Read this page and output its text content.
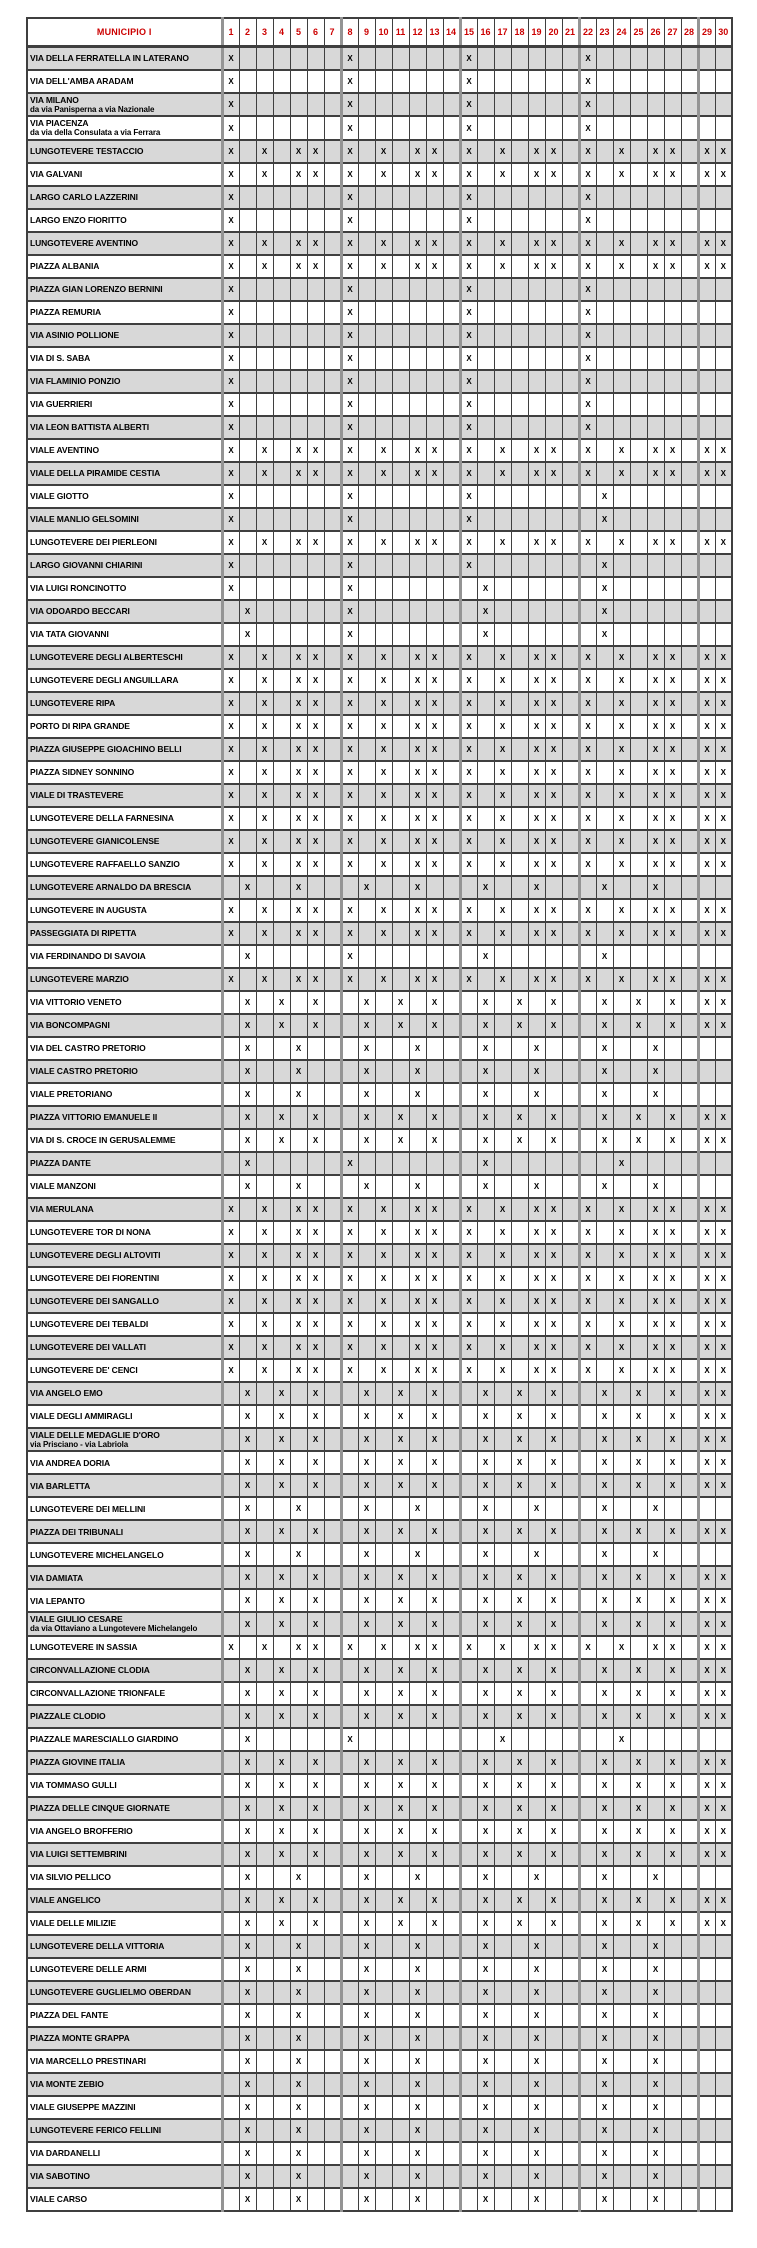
MUNICIPIO I	1	2	3	4	5	6	7	8	9	10	11	12	13	14	15	16	17	18	19	20	21	22	23	24	25	26	27	28	29	30
VIA DELLA FERRATELLA IN LATERANO	X							X							X							X								
VIA DELL'AMBA ARADAM	X							X							X							X								
VIA MILANO
da via Panisperna a via Nazionale	X							X							X							X								
VIA PIACENZA
da via della Consulata a via Ferrara	X							X							X							X								
LUNGOTEVERE TESTACCIO	X		X		X	X		X		X		X	X		X		X		X	X		X		X		X	X		X	X
VIA GALVANI	X		X		X	X		X		X		X	X		X		X		X	X		X		X		X	X		X	X
LARGO CARLO LAZZERINI	X							X							X							X								
LARGO ENZO FIORITTO	X							X							X							X								
LUNGOTEVERE AVENTINO	X		X		X	X		X		X		X	X		X		X		X	X		X		X		X	X		X	X
PIAZZA ALBANIA	X		X		X	X		X		X		X	X		X		X		X	X		X		X		X	X		X	X
PIAZZA GIAN LORENZO BERNINI	X							X							X							X								
PIAZZA REMURIA	X							X							X							X								
VIA ASINIO POLLIONE	X							X							X							X								
VIA DI S. SABA	X							X							X							X								
VIA FLAMINIO PONZIO	X							X							X							X								
VIA GUERRIERI	X							X							X							X								
VIA LEON BATTISTA ALBERTI	X							X							X							X								
VIALE AVENTINO	X		X		X	X		X		X		X	X		X		X		X	X		X		X		X	X		X	X
VIALE DELLA PIRAMIDE CESTIA	X		X		X	X		X		X		X	X		X		X		X	X		X		X		X	X		X	X
VIALE GIOTTO	X							X							X								X							
VIALE MANLIO GELSOMINI	X							X							X								X							
LUNGOTEVERE DEI PIERLEONI	X		X		X	X		X		X		X	X		X		X		X	X		X		X		X	X		X	X
LARGO GIOVANNI CHIARINI	X							X							X								X							
VIA LUIGI RONCINOTTO	X							X								X							X							
VIA ODOARDO BECCARI		X						X								X							X							
VIA TATA GIOVANNI		X						X								X							X							
LUNGOTEVERE DEGLI ALBERTESCHI	X		X		X	X		X		X		X	X		X		X		X	X		X		X		X	X		X	X
LUNGOTEVERE DEGLI ANGUILLARA	X		X		X	X		X		X		X	X		X		X		X	X		X		X		X	X		X	X
LUNGOTEVERE RIPA	X		X		X	X		X		X		X	X		X		X		X	X		X		X		X	X		X	X
PORTO DI RIPA GRANDE	X		X		X	X		X		X		X	X		X		X		X	X		X		X		X	X		X	X
PIAZZA GIUSEPPE GIOACHINO BELLI	X		X		X	X		X		X		X	X		X		X		X	X		X		X		X	X		X	X
PIAZZA SIDNEY SONNINO	X		X		X	X		X		X		X	X		X		X		X	X		X		X		X	X		X	X
VIALE DI TRASTEVERE	X		X		X	X		X		X		X	X		X		X		X	X		X		X		X	X		X	X
LUNGOTEVERE DELLA FARNESINA	X		X		X	X		X		X		X	X		X		X		X	X		X		X		X	X		X	X
LUNGOTEVERE GIANICOLENSE	X		X		X	X		X		X		X	X		X		X		X	X		X		X		X	X		X	X
LUNGOTEVERE RAFFAELLO SANZIO	X		X		X	X		X		X		X	X		X		X		X	X		X		X		X	X		X	X
LUNGOTEVERE ARNALDO DA BRESCIA		X			X				X			X				X			X				X			X				
LUNGOTEVERE IN AUGUSTA	X		X		X	X		X		X		X	X		X		X		X	X		X		X		X	X		X	X
PASSEGGIATA DI RIPETTA	X		X		X	X		X		X		X	X		X		X		X	X		X		X		X	X		X	X
VIA FERDINANDO DI SAVOIA		X						X								X							X							
LUNGOTEVERE MARZIO	X		X		X	X		X		X		X	X		X		X		X	X		X		X		X	X		X	X
VIA VITTORIO VENETO		X		X		X			X		X		X			X		X		X			X		X		X		X	X
VIA BONCOMPAGNI		X		X		X			X		X		X			X		X		X			X		X		X		X	X
VIA DEL CASTRO PRETORIO		X			X				X			X				X			X				X			X				
VIALE CASTRO PRETORIO		X			X				X			X				X			X				X			X				
VIALE PRETORIANO		X			X				X			X				X			X				X			X				
PIAZZA VITTORIO EMANUELE II		X		X		X			X		X		X			X		X		X			X		X		X		X	X
VIA DI S. CROCE IN GERUSALEMME		X		X		X			X		X		X			X		X		X			X		X		X		X	X
PIAZZA DANTE		X						X								X								X						
VIALE MANZONI		X			X				X			X				X			X				X			X				
VIA MERULANA	X		X		X	X		X		X		X	X		X		X		X	X		X		X		X	X		X	X
LUNGOTEVERE TOR DI NONA	X		X		X	X		X		X		X	X		X		X		X	X		X		X		X	X		X	X
LUNGOTEVERE DEGLI ALTOVITI	X		X		X	X		X		X		X	X		X		X		X	X		X		X		X	X		X	X
LUNGOTEVERE DEI FIORENTINI	X		X		X	X		X		X		X	X		X		X		X	X		X		X		X	X		X	X
LUNGOTEVERE DEI SANGALLO	X		X		X	X		X		X		X	X		X		X		X	X		X		X		X	X		X	X
LUNGOTEVERE DEI TEBALDI	X		X		X	X		X		X		X	X		X		X		X	X		X		X		X	X		X	X
LUNGOTEVERE DEI VALLATI	X		X		X	X		X		X		X	X		X		X		X	X		X		X		X	X		X	X
LUNGOTEVERE DE' CENCI	X		X		X	X		X		X		X	X		X		X		X	X		X		X		X	X		X	X
VIA ANGELO EMO		X		X		X			X		X		X			X		X		X			X		X		X		X	X
VIALE DEGLI AMMIRAGLI		X		X		X			X		X		X			X		X		X			X		X		X		X	X
VIALE DELLE MEDAGLIE D'ORO
via Prisciano - via Labriola		X		X		X			X		X		X			X		X		X			X		X		X		X	X
VIA ANDREA DORIA		X		X		X			X		X		X			X		X		X			X		X		X		X	X
VIA BARLETTA		X		X		X			X		X		X			X		X		X			X		X		X		X	X
LUNGOTEVERE DEI MELLINI		X			X				X			X				X			X				X			X				
PIAZZA DEI TRIBUNALI		X		X		X			X		X		X			X		X		X			X		X		X		X	X
LUNGOTEVERE MICHELANGELO		X			X				X			X				X			X				X			X				
VIA DAMIATA		X		X		X			X		X		X			X		X		X			X		X		X		X	X
VIA LEPANTO		X		X		X			X		X		X			X		X		X			X		X		X		X	X
VIALE GIULIO CESARE
da via Ottaviano a Lungotevere Michelangelo		X		X		X			X		X		X			X		X		X			X		X		X		X	X
LUNGOTEVERE IN SASSIA	X		X		X	X		X		X		X	X		X		X		X	X		X		X		X	X		X	X
CIRCONVALLAZIONE CLODIA		X		X		X			X		X		X			X		X		X			X		X		X		X	X
CIRCONVALLAZIONE TRIONFALE		X		X		X			X		X		X			X		X		X			X		X		X		X	X
PIAZZALE CLODIO		X		X		X			X		X		X			X		X		X			X		X		X		X	X
PIAZZALE MARESCIALLO GIARDINO		X						X									X							X						
PIAZZA GIOVINE ITALIA		X		X		X			X		X		X			X		X		X			X		X		X		X	X
VIA TOMMASO GULLI		X		X		X			X		X		X			X		X		X			X		X		X		X	X
PIAZZA DELLE CINQUE GIORNATE		X		X		X			X		X		X			X		X		X			X		X		X		X	X
VIA ANGELO BROFFERIO		X		X		X			X		X		X			X		X		X			X		X		X		X	X
VIA LUIGI SETTEMBRINI		X		X		X			X		X		X			X		X		X			X		X		X		X	X
VIA SILVIO PELLICO		X			X				X			X				X			X				X			X				
VIALE ANGELICO		X		X		X			X		X		X			X		X		X			X		X		X		X	X
VIALE DELLE MILIZIE		X		X		X			X		X		X			X		X		X			X		X		X		X	X
LUNGOTEVERE DELLA VITTORIA		X			X				X			X				X			X				X			X				
LUNGOTEVERE DELLE ARMI		X			X				X			X				X			X				X			X				
LUNGOTEVERE GUGLIELMO OBERDAN		X			X				X			X				X			X				X			X				
PIAZZA DEL FANTE		X			X				X			X				X			X				X			X				
PIAZZA MONTE GRAPPA		X			X				X			X				X			X				X			X				
VIA MARCELLO PRESTINARI		X			X				X			X				X			X				X			X				
VIA MONTE ZEBIO		X			X				X			X				X			X				X			X				
VIALE GIUSEPPE MAZZINI		X			X				X			X				X			X				X			X				
LUNGOTEVERE FERICO FELLINI		X			X				X			X				X			X				X			X				
VIA DARDANELLI		X			X				X			X				X			X				X			X				
VIA SABOTINO		X			X				X			X				X			X				X			X				
VIALE CARSO		X			X				X			X				X			X				X			X				
